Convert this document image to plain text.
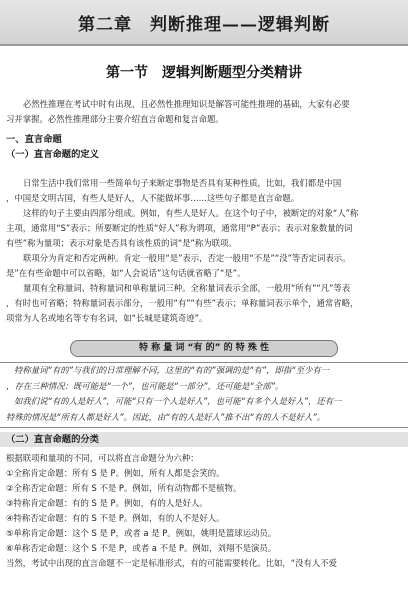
第二章　判断推理——逻辑判断
第一节　逻辑判断题型分类精讲

必然性推理在考试中时有出现，且必然性推理知识是解答可能性推理的基础，大家有必要

习并掌握。必然性推理部分主要介绍直言命题和复言命题。

一、直言命题

（一）直言命题的定义

日常生活中我们常用一些简单句子来断定事物是否具有某种性质，比如，我们都是中国

，中国是文明古国，有些人是好人，人不能做坏事……这些句子都是直言命题。

这样的句子主要由四部分组成。例如，有些人是好人。在这个句子中，被断定的对象“人”称

主项，通常用“S”表示；所要断定的性质“好人”称为谓项，通常用“P”表示；表示对象数量的词

有些”称为量项；表示对象是否具有该性质的词“是”称为联项。

联项分为肯定和否定两种。肯定一般用“是”表示，否定一般用“不是”“没”等否定词表示。

是”在有些命题中可以省略，如“人会说话”这句话就省略了“是”。

量项有全称量词、特称量词和单称量词三种。全称量词表示全部，一般用“所有”“凡”等表

，有时也可省略；特称量词表示部分，一般用“有”“有些”表示；单称量词表示单个，通常省略，

项常为人名或地名等专有名词，如“长城是建筑奇迹”。

特 称 量 词 “有 的” 的 特 殊 性

特称量词“有的”与我们的日常理解不同，这里的“有的”强调的是“有”，即指“至少有一

，存在三种情况：既可能是“一个”，也可能是“一部分”，还可能是“全部”。

如我们说“有的人是好人”，可能“只有一个人是好人”，也可能“有多个人是好人”，还有一

特殊的情况是“所有人都是好人”。因此，由“有的人是好人”推不出“有的人不是好人”。

（二）直言命题的分类

根据联项和量项的不同，可以将直言命题分为六种：

①全称肯定命题：所有 S 是 P。例如，所有人都是会笑的。

②全称否定命题：所有 S 不是 P。例如，所有动物都不是植物。

③特称肯定命题：有的 S 是 P。例如，有的人是好人。

④特称否定命题：有的 S 不是 P。例如，有的人不是好人。

⑤单称肯定命题：这个 S 是 P，或者 a 是 P。例如，姚明是篮球运动员。

⑥单称否定命题：这个 S 不是 P，或者 a 不是 P。例如，刘翔不是演员。

当然，考试中出现的直言命题不一定是标准形式，有的可能需要转化。比如，“没有人不爱
